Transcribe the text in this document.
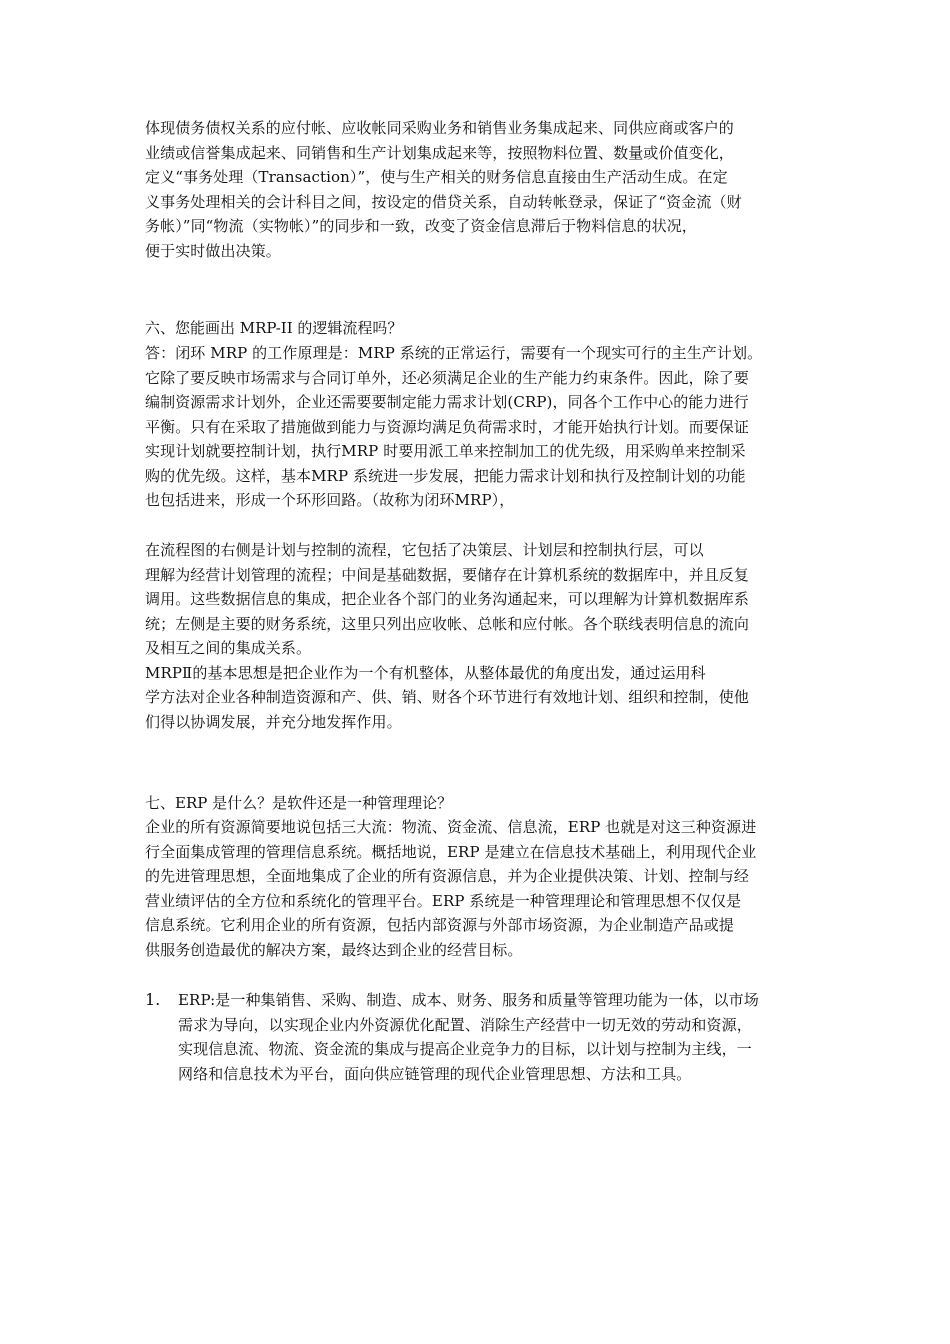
体现债务债权关系的应付帐、应收帐同采购业务和销售业务集成起来、同供应商或客户的
业绩或信誉集成起来、同销售和生产计划集成起来等，按照物料位置、数量或价值变化，
定义“事务处理（Transaction）”，使与生产相关的财务信息直接由生产活动生成。在定
义事务处理相关的会计科目之间，按设定的借贷关系，自动转帐登录，保证了“资金流（财
务帐）”同“物流（实物帐）”的同步和一致，改变了资金信息滞后于物料信息的状况，
便于实时做出决策。
六、您能画出 MRP-II 的逻辑流程吗？
答：闭环 MRP 的工作原理是：MRP 系统的正常运行，需要有一个现实可行的主生产计划。
它除了要反映市场需求与合同订单外，还必须满足企业的生产能力约束条件。因此，除了要
编制资源需求计划外，企业还需要要制定能力需求计划(CRP)，同各个工作中心的能力进行
平衡。只有在采取了措施做到能力与资源均满足负荷需求时，才能开始执行计划。而要保证
实现计划就要控制计划，执行MRP 时要用派工单来控制加工的优先级，用采购单来控制采
购的优先级。这样，基本MRP 系统进一步发展，把能力需求计划和执行及控制计划的功能
也包括进来，形成一个环形回路。（故称为闭环MRP），
在流程图的右侧是计划与控制的流程，它包括了决策层、计划层和控制执行层，可以
理解为经营计划管理的流程；中间是基础数据，要储存在计算机系统的数据库中，并且反复
调用。这些数据信息的集成，把企业各个部门的业务沟通起来，可以理解为计算机数据库系
统；左侧是主要的财务系统，这里只列出应收帐、总帐和应付帐。各个联线表明信息的流向
及相互之间的集成关系。
MRPⅡ的基本思想是把企业作为一个有机整体，从整体最优的角度出发，通过运用科
学方法对企业各种制造资源和产、供、销、财各个环节进行有效地计划、组织和控制，使他
们得以协调发展，并充分地发挥作用。
七、ERP 是什么？是软件还是一种管理理论？
企业的所有资源简要地说包括三大流：物流、资金流、信息流，ERP 也就是对这三种资源进
行全面集成管理的管理信息系统。概括地说，ERP 是建立在信息技术基础上，利用现代企业
的先进管理思想，全面地集成了企业的所有资源信息，并为企业提供决策、计划、控制与经
营业绩评估的全方位和系统化的管理平台。ERP 系统是一种管理理论和管理思想不仅仅是
信息系统。它利用企业的所有资源，包括内部资源与外部市场资源，为企业制造产品或提
供服务创造最优的解决方案，最终达到企业的经营目标。
1. ERP:是一种集销售、采购、制造、成本、财务、服务和质量等管理功能为一体，以市场
需求为导向，以实现企业内外资源优化配置、消除生产经营中一切无效的劳动和资源，
实现信息流、物流、资金流的集成与提高企业竞争力的目标，以计划与控制为主线，一
网络和信息技术为平台，面向供应链管理的现代企业管理思想、方法和工具。
